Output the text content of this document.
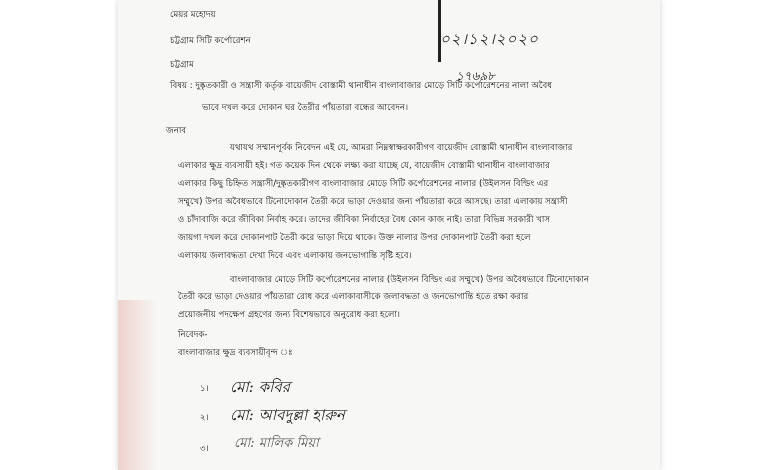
মেয়র মহোদয়
চট্টগ্রাম সিটি কর্পোরেশন
চট্টগ্রাম
০২।১২।২০২০
১৭৬৯৮
বিষয় : দুষ্কৃতকারী ও সন্ত্রাসী কর্তৃক বায়েজীদ বোস্তামী থানাধীন বাংলাবাজার মোড়ে সিটি কর্পোরেশনের নালা অবৈধ
ভাবে দখল করে দোকান ঘর তৈরীর পাঁয়তারা বন্ধের আবেদন।
জনাব
যথাযথ সম্মানপূর্বক নিবেদন এই যে, আমরা নিম্নস্বাক্ষরকারীগণ বায়েজীদ বোস্তামী থানাধীন বাংলাবাজার
এলাকার ক্ষুদ্র ব্যবসায়ী হই। গত কয়েক দিন থেকে লক্ষ্য করা যাচ্ছে যে, বায়েজীদ বোস্তামী থানাধীন বাংলাবাজার
এলাকার কিছু চিহ্নিত সন্ত্রাসী/দুষ্কৃতকারীগণ বাংলাবাজার মোড়ে সিটি কর্পোরেশনের নালার (উইলসন বিল্ডিং এর
সম্মুখে) উপর অবৈধভাবে টিনোদোকান তৈরী করে ভাড়া দেওয়ার জন্য পাঁয়তারা করে আসছে। তারা এলাকায় সন্ত্রাসী
ও চাঁদাবাজি করে জীবিকা নির্বাহ করে। তাদের জীবিকা নির্বাহের বৈধ কোন কাজ নাই। তারা বিভিন্ন সরকারী খাস
জায়গা দখল করে দোকানপাট তৈরী করে ভাড়া দিয়ে থাকে। উক্ত নালার উপর দোকানপাট তৈরী করা হলে
এলাকায় জলাবদ্ধতা দেখা দিবে এবং এলাকায় জনভোগান্তি সৃষ্টি হবে।
বাংলাবাজার মোড়ে সিটি কর্পোরেশনের নালার (উইলসন বিল্ডিং এর সম্মুখে) উপর অবৈধভাবে টিনোদোকান
তৈরী করে ভাড়া দেওয়ার পাঁয়তারা রোধ করে এলাকাবাসীকে জলাবদ্ধতা ও জনভোগান্তি হতে রক্ষা করার
প্রয়োজনীয় পদক্ষেপ গ্রহণের জন্য বিশেষভাবে অনুরোধ করা হলো।
নিবেদক-
বাংলাবাজার ক্ষুদ্র ব্যবসায়ীবৃন্দ ঃ
১। মো: কবির
২। মো: আবদুল্লা হারুন
৩। মো: মালিক মিয়া
